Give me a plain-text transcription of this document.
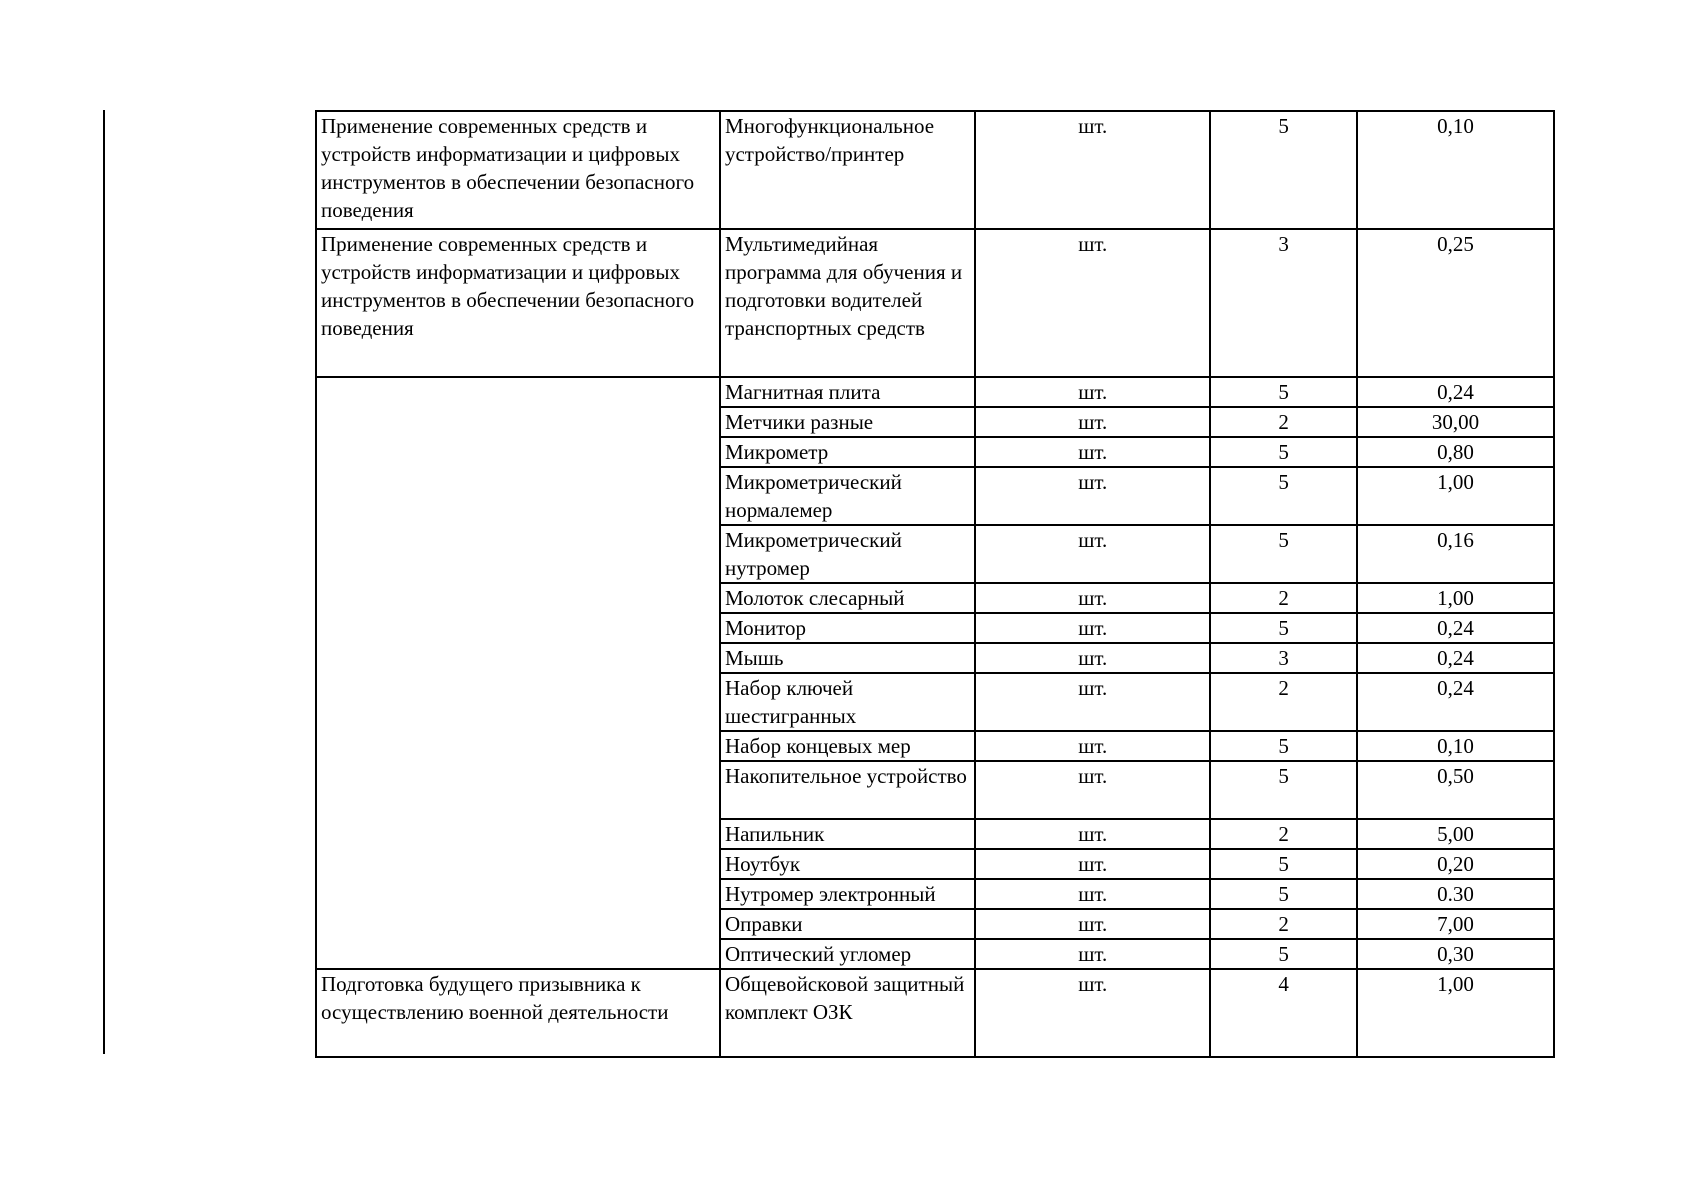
Применение современных средств и устройств информатизации и цифровых инструментов в обеспечении безопасного поведения	Многофункциональное устройство/принтер	шт.	5	0,10
Применение современных средств и устройств информатизации и цифровых инструментов в обеспечении безопасного поведения	Мультимедийная программа для обучения и подготовки водителей транспортных средств	шт.	3	0,25
	Магнитная плита	шт.	5	0,24
	Метчики разные	шт.	2	30,00
	Микрометр	шт.	5	0,80
	Микрометрический нормалемер	шт.	5	1,00
	Микрометрический нутромер	шт.	5	0,16
	Молоток слесарный	шт.	2	1,00
	Монитор	шт.	5	0,24
	Мышь	шт.	3	0,24
	Набор ключей шестигранных	шт.	2	0,24
	Набор концевых мер	шт.	5	0,10
	Накопительное устройство	шт.	5	0,50
	Напильник	шт.	2	5,00
	Ноутбук	шт.	5	0,20
	Нутромер электронный	шт.	5	0.30
	Оправки	шт.	2	7,00
	Оптический угломер	шт.	5	0,30
Подготовка будущего призывника к осуществлению военной деятельности	Общевойсковой защитный комплект ОЗК	шт.	4	1,00
